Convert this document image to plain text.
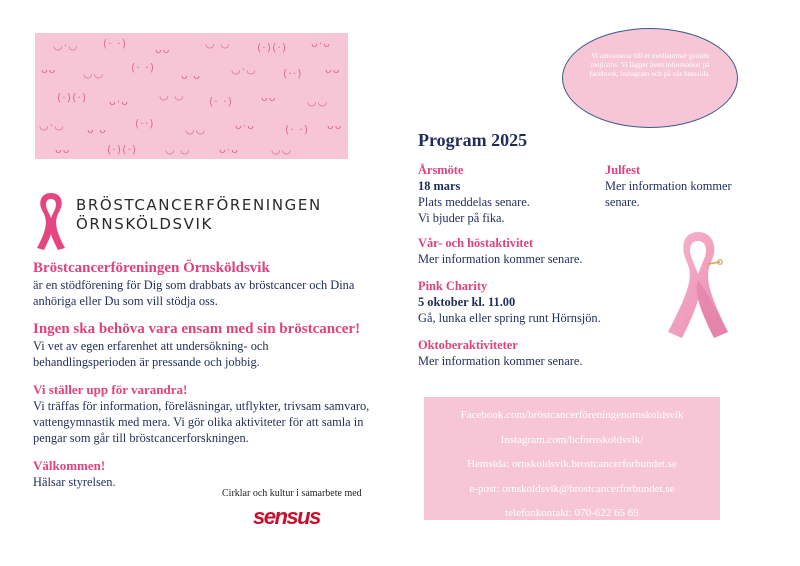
◡·◡ (· ·)	ᴗᴗ	◡ ◡ (·)(·) ᴗ·ᴗ
ᴗᴗ ◡◡ (· ·)
ᴗ ᴗ	◡·◡ (··) ᴗᴗ
(·)(·) ᴗ·ᴗ	◡ ◡ (· ·)	ᴗᴗ	◡◡
◡·◡ ᴗ ᴗ	(··)	◡◡	ᴗ·ᴗ	(· ·) ᴗᴗ
ᴗᴗ	(·)(·)	◡ ◡	ᴗ·ᴗ	◡◡
BRÖSTCANCERFÖRENINGEN
ÖRNSKÖLDSVIK
Bröstcancerföreningen Örnsköldsvik
är en stödförening för Dig som drabbats av bröstcancer och Dina anhöriga eller Du som vill stödja oss.
Ingen ska behöva vara ensam med sin bröstcancer!
Vi vet av egen erfarenhet att undersökning- och behandlingsperioden är pressande och jobbig.
Vi ställer upp för varandra!
Vi träffas för information, föreläsningar, utflykter, trivsam samvaro, vattengymnastik med mera. Vi gör olika aktiviteter för att samla in pengar som går till bröstcancerforskningen.
Välkommen!
Hälsar styrelsen.
Cirklar och kultur i samarbete med
sensus
Vi annonserar till er medlemmar genom mejl/sms. Vi lägger även information på facebook, instagram och på vår hemsida.
Program 2025
Årsmöte
18 mars
Plats meddelas senare.
Vi bjuder på fika.
Julfest
Mer information kommer senare.
Vår- och höstaktivitet
Mer information kommer senare.
Pink Charity
5 oktober kl. 11.00
Gå, lunka eller spring runt Hörnsjön.
Oktoberaktiviteter
Mer information kommer senare.
Facebook.com/bröstcancerföreningenornskoldsvik
Instagram.com/bcfornskoldsvik/
Hemsida: ornskoldsvik.brostcancerforbundet.se
e-post: ornskoldsvik@brostcancerforbundet.se
telefonkontakt: 070-622 65 69
